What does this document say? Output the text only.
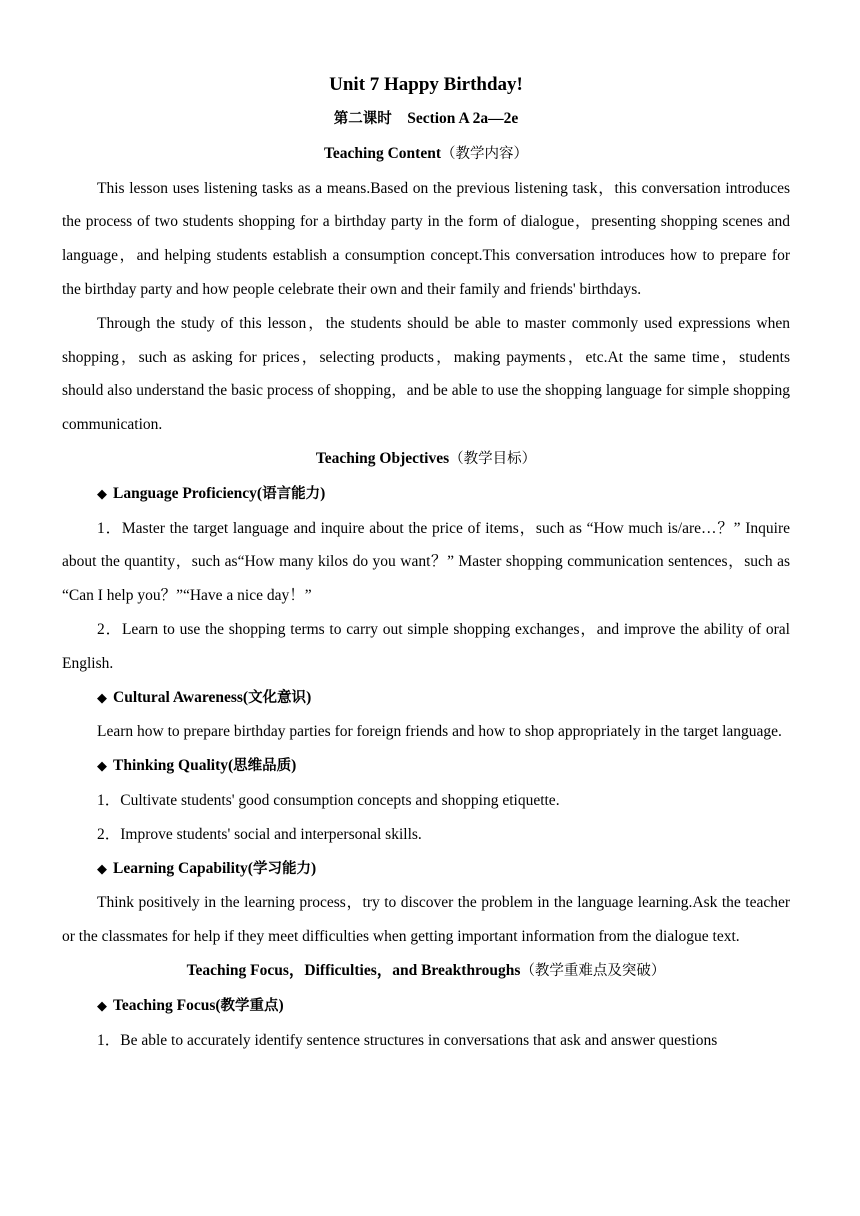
Unit 7 Happy Birthday!
第二课时 Section A 2a—2e
Teaching Content（教学内容）

This lesson uses listening tasks as a means.Based on the previous listening task，this conversation introduces the process of two students shopping for a birthday party in the form of dialogue，presenting shopping scenes and language，and helping students establish a consumption concept.This conversation introduces how to prepare for the birthday party and how people celebrate their own and their family and friends' birthdays.

Through the study of this lesson，the students should be able to master commonly used expressions when shopping，such as asking for prices，selecting products，making payments，etc.At the same time，students should also understand the basic process of shopping，and be able to use the shopping language for simple shopping communication.

Teaching Objectives（教学目标）
◆ Language Proficiency(语言能力)

1．Master the target language and inquire about the price of items，such as “How much is/are…？” Inquire about the quantity，such as“How many kilos do you want？” Master shopping communication sentences，such as “Can I help you？”“Have a nice day！”

2．Learn to use the shopping terms to carry out simple shopping exchanges，and improve the ability of oral English.

◆ Cultural Awareness(文化意识)

Learn how to prepare birthday parties for foreign friends and how to shop appropriately in the target language.

◆ Thinking Quality(思维品质)

1．Cultivate students' good consumption concepts and shopping etiquette.

2．Improve students' social and interpersonal skills.

◆ Learning Capability(学习能力)

Think positively in the learning process，try to discover the problem in the language learning.Ask the teacher or the classmates for help if they meet difficulties when getting important information from the dialogue text.

Teaching Focus，Difficulties，and Breakthroughs（教学重难点及突破）
◆ Teaching Focus(教学重点)

1．Be able to accurately identify sentence structures in conversations that ask and answer questions
